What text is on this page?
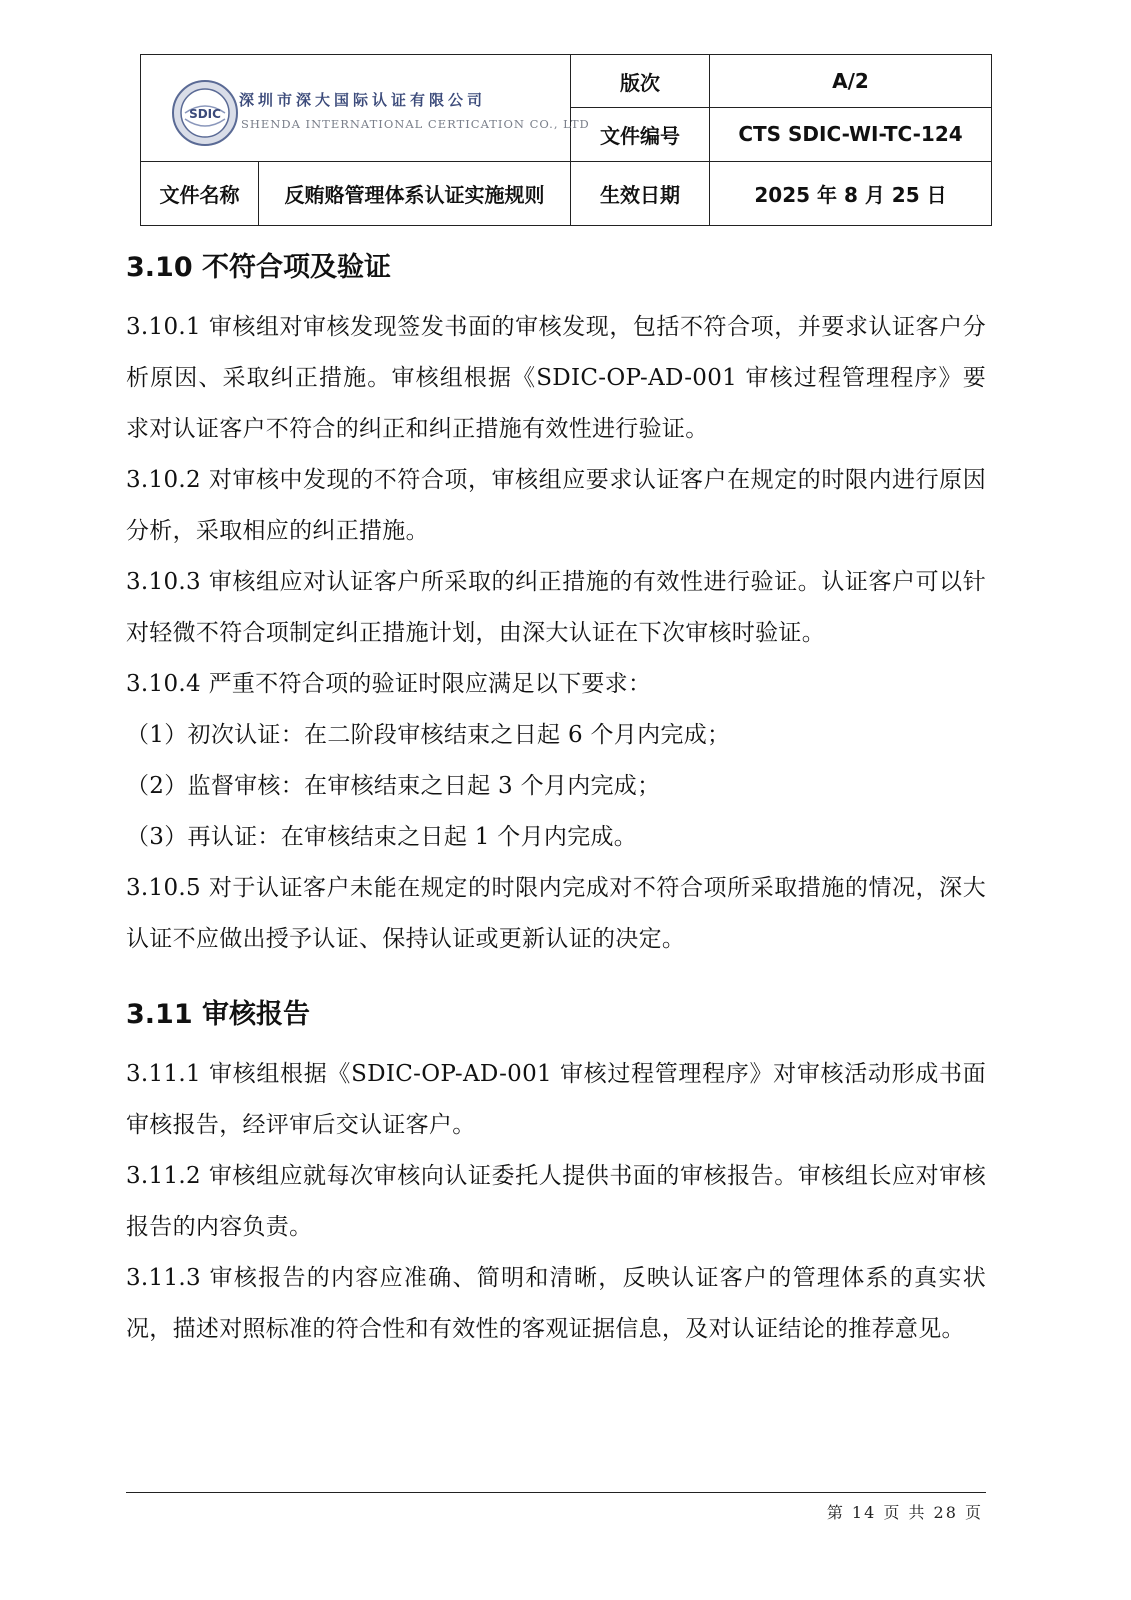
SDIC
深圳市深大国际认证有限公司
SHENDA INTERNATIONAL CERTICATION CO., LTD		版次	A/2
		文件编号	CTS SDIC-WI-TC-124
文件名称	反贿赂管理体系认证实施规则	生效日期	2025 年 8 月 25 日
3.10 不符合项及验证

3.10.1 审核组对审核发现签发书面的审核发现，包括不符合项，并要求认证客户分析原因、采取纠正措施。审核组根据《SDIC-OP-AD-001 审核过程管理程序》要求对认证客户不符合的纠正和纠正措施有效性进行验证。

3.10.2 对审核中发现的不符合项，审核组应要求认证客户在规定的时限内进行原因分析，采取相应的纠正措施。

3.10.3 审核组应对认证客户所采取的纠正措施的有效性进行验证。认证客户可以针对轻微不符合项制定纠正措施计划，由深大认证在下次审核时验证。

3.10.4 严重不符合项的验证时限应满足以下要求：

（1）初次认证：在二阶段审核结束之日起 6 个月内完成；

（2）监督审核：在审核结束之日起 3 个月内完成；

（3）再认证：在审核结束之日起 1 个月内完成。

3.10.5 对于认证客户未能在规定的时限内完成对不符合项所采取措施的情况，深大认证不应做出授予认证、保持认证或更新认证的决定。

3.11 审核报告

3.11.1 审核组根据《SDIC-OP-AD-001 审核过程管理程序》对审核活动形成书面审核报告，经评审后交认证客户。

3.11.2 审核组应就每次审核向认证委托人提供书面的审核报告。审核组长应对审核报告的内容负责。

3.11.3 审核报告的内容应准确、简明和清晰，反映认证客户的管理体系的真实状况，描述对照标准的符合性和有效性的客观证据信息，及对认证结论的推荐意见。

第 14 页 共 28 页
